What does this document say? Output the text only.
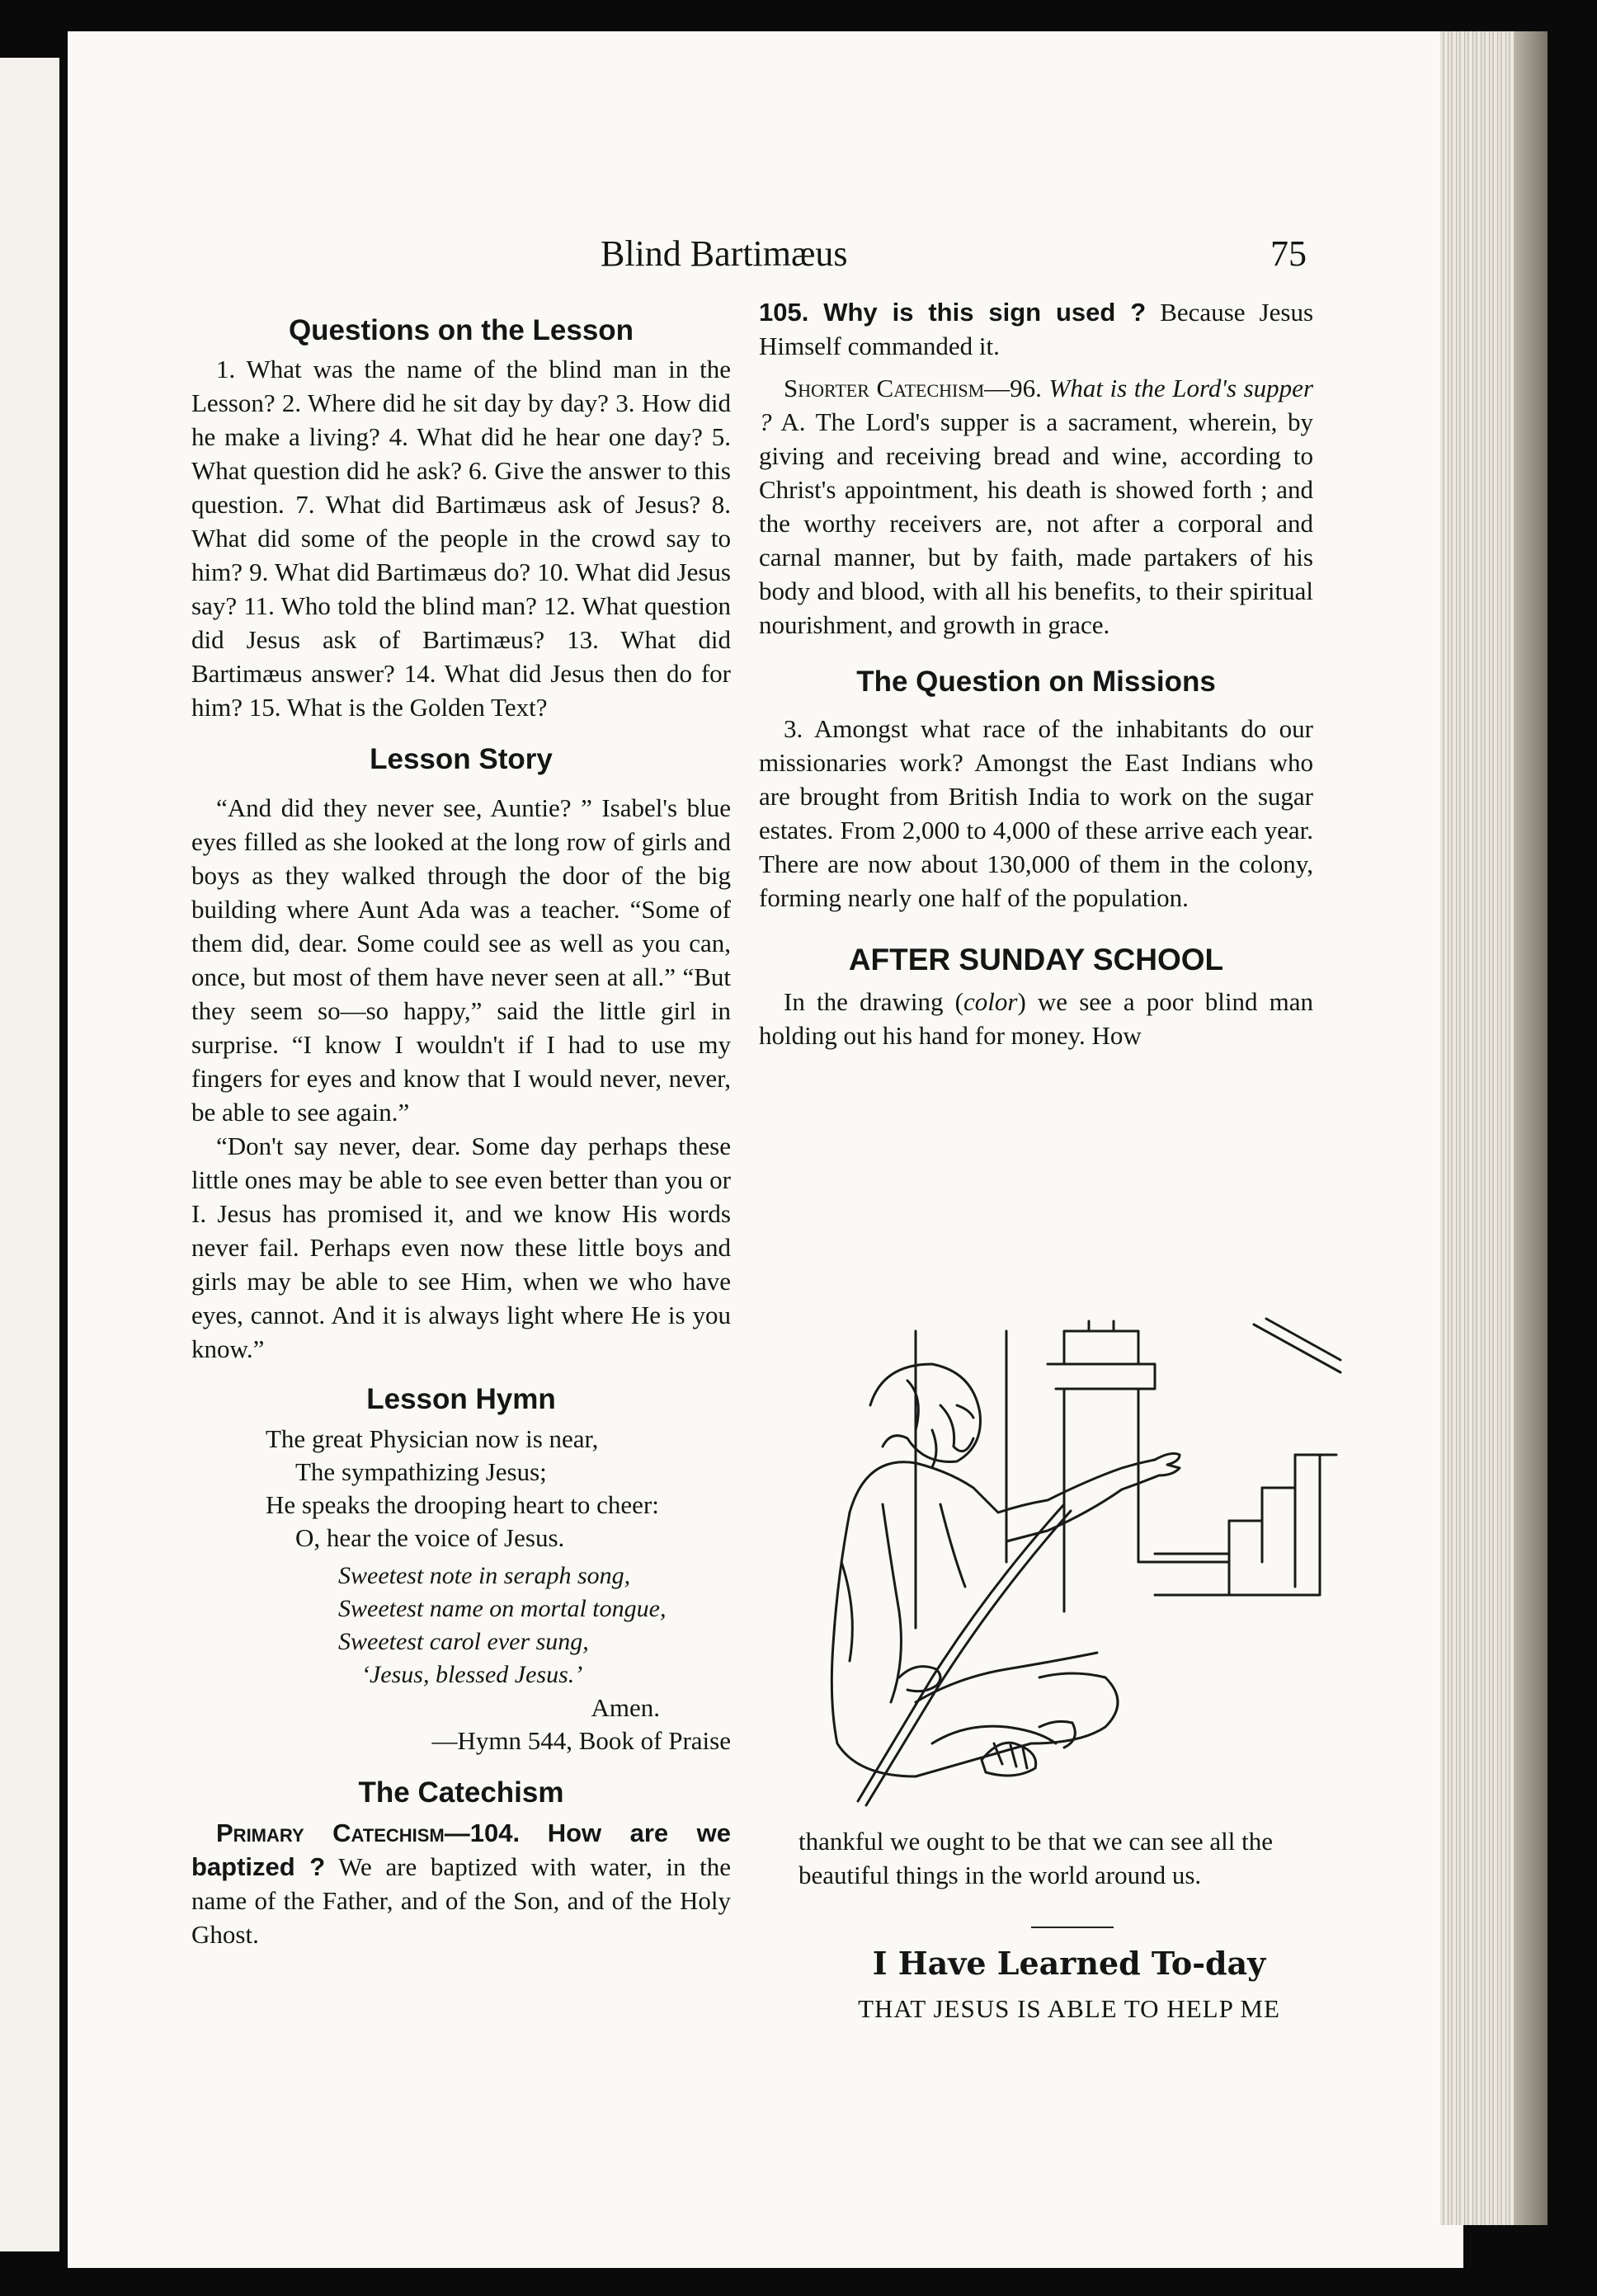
Blind Bartimæus	75
Questions on the Lesson

1. What was the name of the blind man in the Lesson? 2. Where did he sit day by day? 3. How did he make a living? 4. What did he hear one day? 5. What question did he ask? 6. Give the answer to this question. 7. What did Bartimæus ask of Jesus? 8. What did some of the people in the crowd say to him? 9. What did Bartimæus do? 10. What did Jesus say? 11. Who told the blind man? 12. What question did Jesus ask of Bartimæus? 13. What did Bartimæus answer? 14. What did Jesus then do for him? 15. What is the Golden Text?

Lesson Story

“And did they never see, Auntie? ” Isabel's blue eyes filled as she looked at the long row of girls and boys as they walked through the door of the big building where Aunt Ada was a teacher. “Some of them did, dear. Some could see as well as you can, once, but most of them have never seen at all.” “But they seem so—so happy,” said the little girl in surprise. “I know I wouldn't if I had to use my fingers for eyes and know that I would never, never, be able to see again.”

“Don't say never, dear. Some day perhaps these little ones may be able to see even better than you or I. Jesus has promised it, and we know His words never fail. Perhaps even now these little boys and girls may be able to see Him, when we who have eyes, cannot. And it is always light where He is you know.”

Lesson Hymn
The great Physician now is near,
The sympathizing Jesus;
He speaks the drooping heart to cheer:
O, hear the voice of Jesus.
Sweetest note in seraph song,
Sweetest name on mortal tongue,
Sweetest carol ever sung,
‘Jesus, blessed Jesus.’
Amen.
—Hymn 544, Book of Praise
The Catechism

Primary Catechism—104. How are we baptized ? We are baptized with water, in the name of the Father, and of the Son, and of the Holy Ghost.

105. Why is this sign used ? Because Jesus Himself commanded it.

Shorter Catechism—96. What is the Lord's supper ? A. The Lord's supper is a sacrament, wherein, by giving and receiving bread and wine, according to Christ's appointment, his death is showed forth ; and the worthy receivers are, not after a corporal and carnal manner, but by faith, made partakers of his body and blood, with all his benefits, to their spiritual nourishment, and growth in grace.

The Question on Missions

3. Amongst what race of the inhabitants do our missionaries work? Amongst the East Indians who are brought from British India to work on the sugar estates. From 2,000 to 4,000 of these arrive each year. There are now about 130,000 of them in the colony, forming nearly one half of the population.

AFTER SUNDAY SCHOOL

In the drawing (color) we see a poor blind man holding out his hand for money. How

thankful we ought to be that we can see all the beautiful things in the world around us.

I Have Learned To-day
THAT JESUS IS ABLE TO HELP ME
